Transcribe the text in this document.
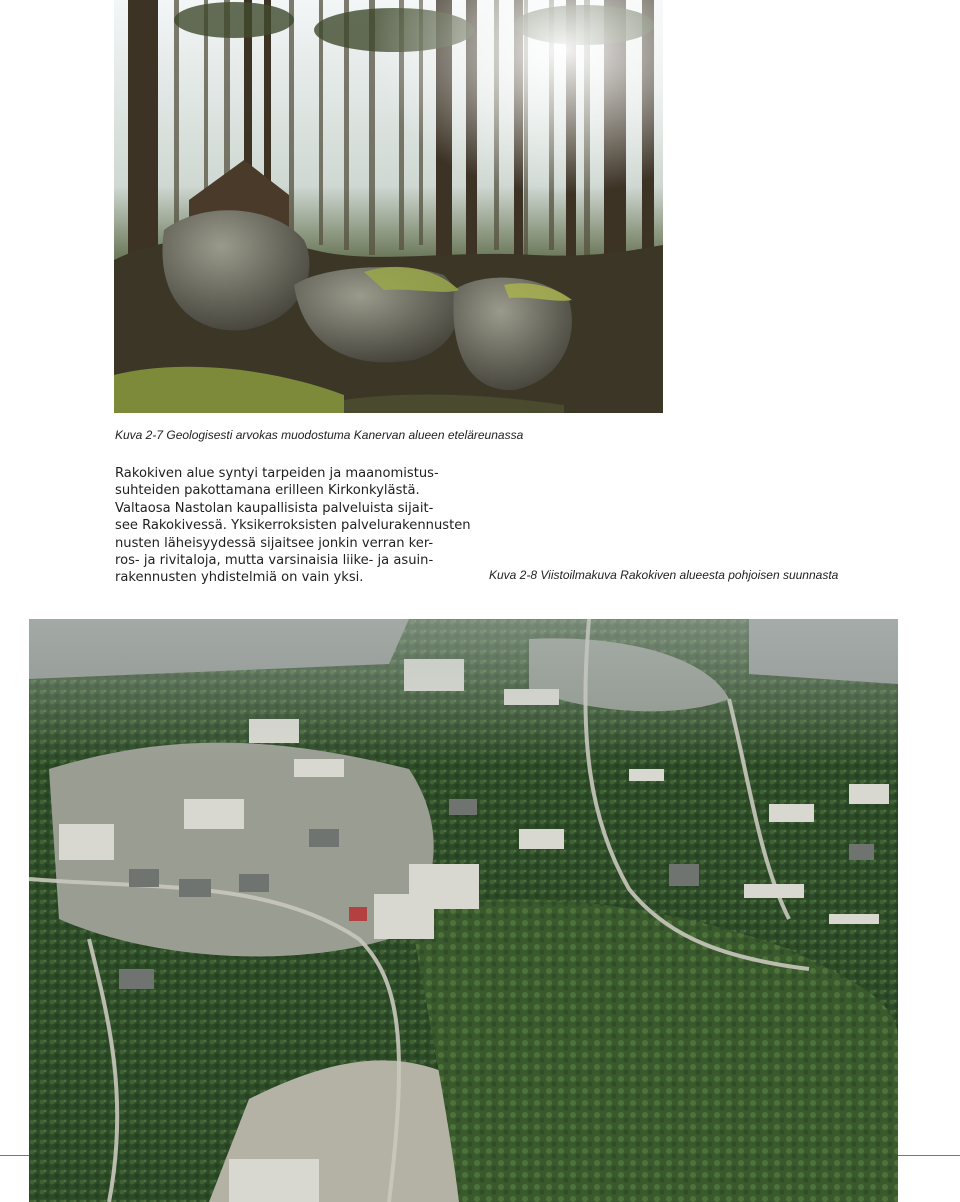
Kuva 2-7 Geologisesti arvokas muodostuma Kanervan alueen eteläreunassa
Rakokiven alue syntyi tarpeiden ja maanomistus-
suhteiden pakottamana erilleen Kirkonkylästä.
Valtaosa Nastolan kaupallisista palveluista sijait-
see Rakokivessä. Yksikerroksisten palvelurakennusten
nusten läheisyydessä sijaitsee jonkin verran ker-
ros- ja rivitaloja, mutta varsinaisia liike- ja asuin-
rakennusten yhdistelmiä on vain yksi.	Kuva 2-8 Viistoilmakuva Rakokiven alueesta pohjoisen suunnasta
